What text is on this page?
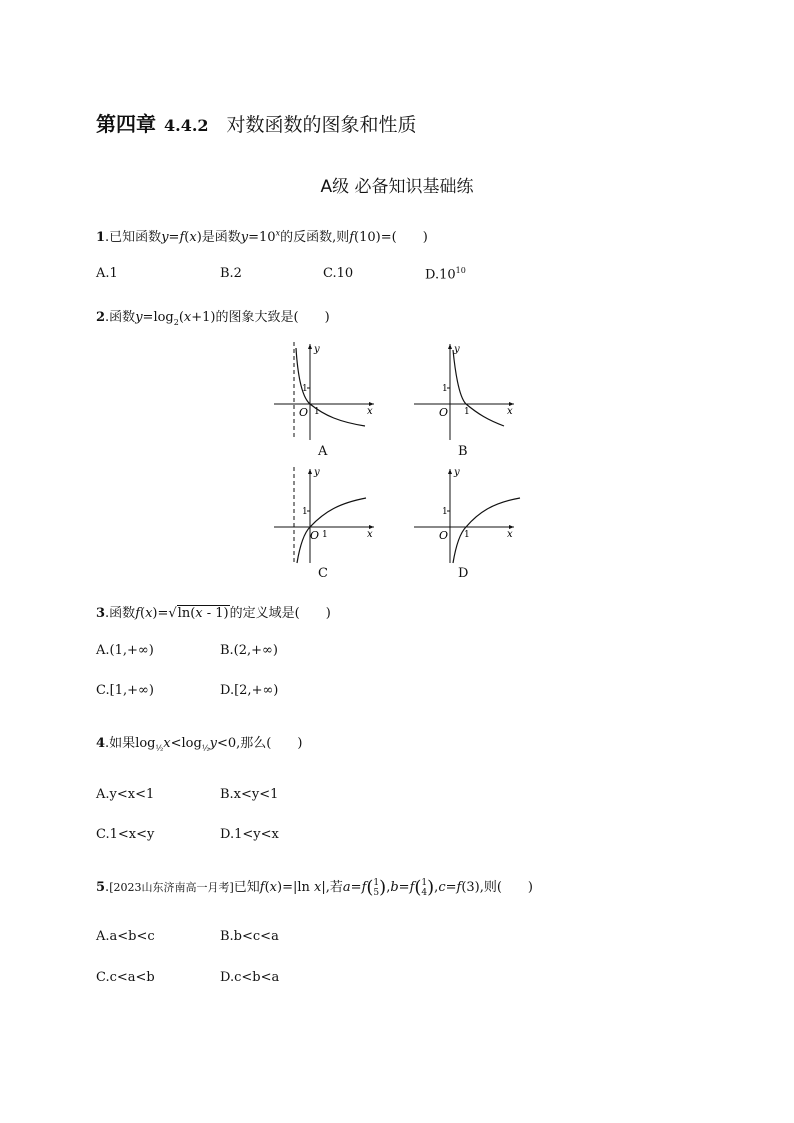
第四章 4.4.2 对数函数的图象和性质
A级 必备知识基础练
1.已知函数y=f(x)是函数$y=10^x$的反函数,则f(10)=(　　)
A.1	B.2	C.10	$D.10^{10}$
2.函数$y=\log_2(x+1)$的图象大致是(　　)
1
1
O	x
y
A
1
1
O	x
y
B
1
1
O	x
y
C
1
1
O	x
y
D
3.函数f(x)=√ln(x - 1)的定义域是(　　)
A.(1,+∞)	B.(2,+∞)
C.[1,+∞)	D.[2,+∞)
4.如果$\log_{\frac{1}{2}}x<\log_{\frac{1}{2}}y<0$,那么(　　)
A.y<x<1	B.x<y<1
C.1<x<y	D.1<y<x
5.[2023山东济南高一月考]已知f(x)=|ln x|,若a=f(1
5),b=f(1
4),c=f(3),则(　　)
A.a<b<c	B.b<c<a
C.c<a<b	D.c<b<a
